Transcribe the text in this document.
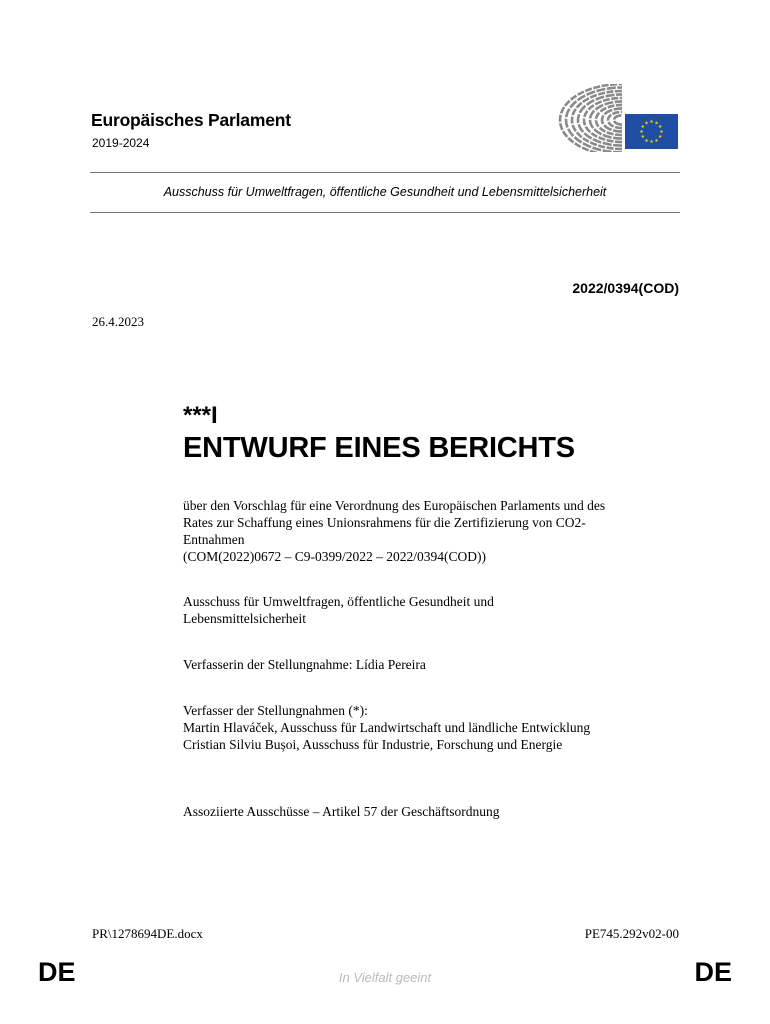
Europäisches Parlament
2019-2024
★ ★
★
★
★
★
★
★
★
★
★
★
Ausschuss für Umweltfragen, öffentliche Gesundheit und Lebensmittelsicherheit
2022/0394(COD)
26.4.2023
***I
ENTWURF EINES BERICHTS
über den Vorschlag für eine Verordnung des Europäischen Parlaments und des
Rates zur Schaffung eines Unionsrahmens für die Zertifizierung von CO2-
Entnahmen
(COM(2022)0672 – C9-0399/2022 – 2022/0394(COD))
Ausschuss für Umweltfragen, öffentliche Gesundheit und
Lebensmittelsicherheit
Verfasserin der Stellungnahme: Lídia Pereira
Verfasser der Stellungnahmen (*):
Martin Hlaváček, Ausschuss für Landwirtschaft und ländliche Entwicklung
Cristian Silviu Bușoi, Ausschuss für Industrie, Forschung und Energie
Assoziierte Ausschüsse – Artikel 57 der Geschäftsordnung
PR\1278694DE.docx	PE745.292v02-00
DE	In Vielfalt geeint	DE
